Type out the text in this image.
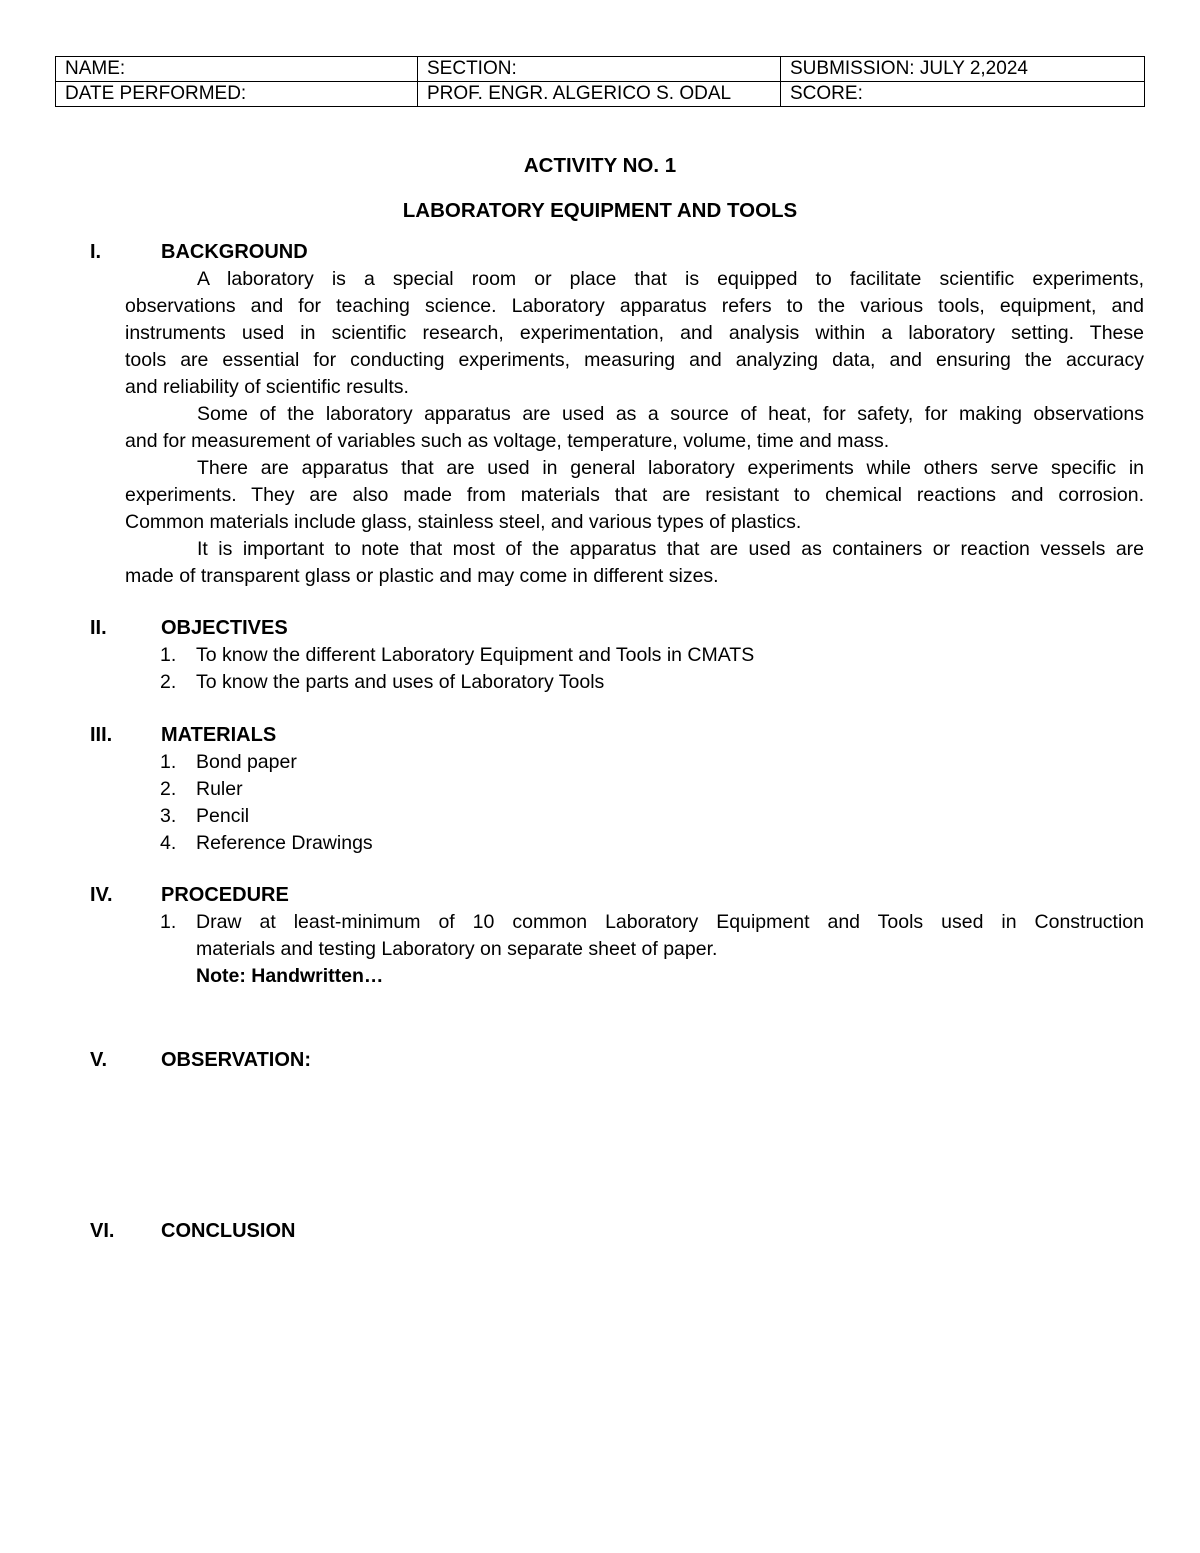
NAME:	SECTION:	SUBMISSION: JULY 2,2024
DATE PERFORMED:	PROF. ENGR. ALGERICO S. ODAL	SCORE:
ACTIVITY NO. 1
LABORATORY EQUIPMENT AND TOOLS
I.	BACKGROUND
A laboratory is a special room or place that is equipped to facilitate scientific experiments,
observations and for teaching science. Laboratory apparatus refers to the various tools, equipment, and
instruments used in scientific research, experimentation, and analysis within a laboratory setting. These
tools are essential for conducting experiments, measuring and analyzing data, and ensuring the accuracy
and reliability of scientific results.
Some of the laboratory apparatus are used as a source of heat, for safety, for making observations
and for measurement of variables such as voltage, temperature, volume, time and mass.
There are apparatus that are used in general laboratory experiments while others serve specific in
experiments. They are also made from materials that are resistant to chemical reactions and corrosion.
Common materials include glass, stainless steel, and various types of plastics.
It is important to note that most of the apparatus that are used as containers or reaction vessels are
made of transparent glass or plastic and may come in different sizes.
II.	OBJECTIVES
1. To know the different Laboratory Equipment and Tools in CMATS
2. To know the parts and uses of Laboratory Tools
III. MATERIALS
1. Bond paper
2. Ruler
3. Pencil
4. Reference Drawings
IV. PROCEDURE
1. Draw at least-minimum of 10 common Laboratory Equipment and Tools used in Construction
materials and testing Laboratory on separate sheet of paper.
Note: Handwritten…
V.	OBSERVATION:
VI. CONCLUSION
